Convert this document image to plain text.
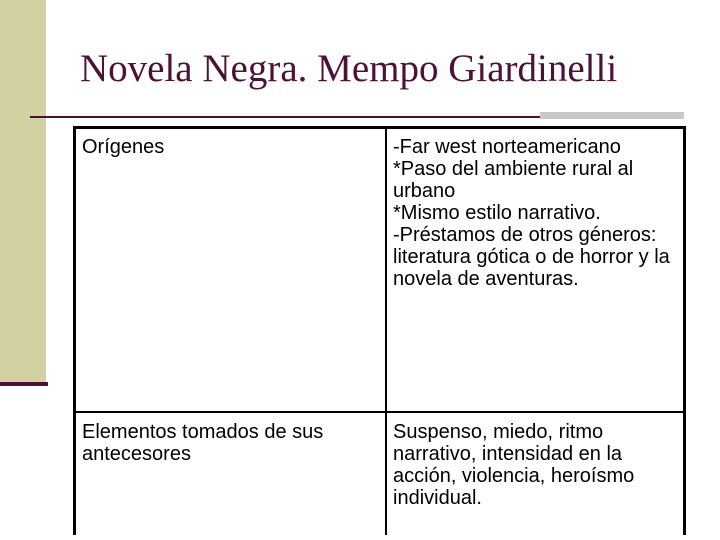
Novela Negra. Mempo Giardinelli
Orígenes	-Far west norteamericano
*Paso del ambiente rural al urbano
*Mismo estilo narrativo.
-Préstamos de otros géneros: literatura gótica o de horror y la novela de aventuras.

Elementos tomados de sus antecesores	Suspenso, miedo, ritmo narrativo, intensidad en la acción, violencia, heroísmo individual.
